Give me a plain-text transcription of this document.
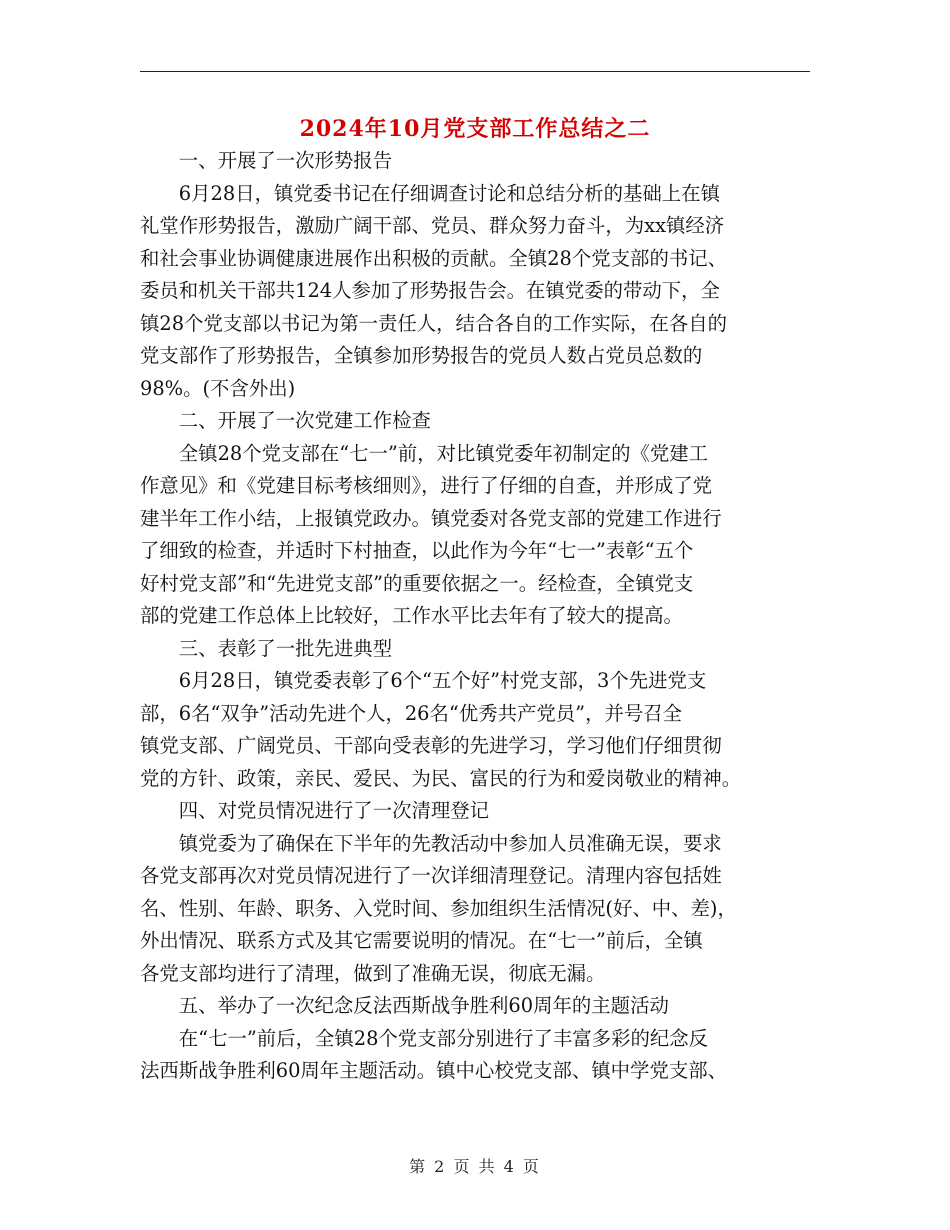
2024年10月党支部工作总结之二
一、开展了一次形势报告
6月28日，镇党委书记在仔细调查讨论和总结分析的基础上在镇
礼堂作形势报告，激励广阔干部、党员、群众努力奋斗，为xx镇经济
和社会事业协调健康进展作出积极的贡献。全镇28个党支部的书记、
委员和机关干部共124人参加了形势报告会。在镇党委的带动下，全
镇28个党支部以书记为第一责任人，结合各自的工作实际，在各自的
党支部作了形势报告，全镇参加形势报告的党员人数占党员总数的
98%。(不含外出)
二、开展了一次党建工作检查
全镇28个党支部在“七一”前，对比镇党委年初制定的《党建工
作意见》和《党建目标考核细则》，进行了仔细的自查，并形成了党
建半年工作小结，上报镇党政办。镇党委对各党支部的党建工作进行
了细致的检查，并适时下村抽查，以此作为今年“七一”表彰“五个
好村党支部”和“先进党支部”的重要依据之一。经检查，全镇党支
部的党建工作总体上比较好，工作水平比去年有了较大的提高。
三、表彰了一批先进典型
6月28日，镇党委表彰了6个“五个好”村党支部，3个先进党支
部，6名“双争”活动先进个人，26名“优秀共产党员”，并号召全
镇党支部、广阔党员、干部向受表彰的先进学习，学习他们仔细贯彻
党的方针、政策，亲民、爱民、为民、富民的行为和爱岗敬业的精神。
四、对党员情况进行了一次清理登记
镇党委为了确保在下半年的先教活动中参加人员准确无误，要求
各党支部再次对党员情况进行了一次详细清理登记。清理内容包括姓
名、性别、年龄、职务、入党时间、参加组织生活情况(好、中、差)，
外出情况、联系方式及其它需要说明的情况。在“七一”前后，全镇
各党支部均进行了清理，做到了准确无误，彻底无漏。
五、举办了一次纪念反法西斯战争胜利60周年的主题活动
在“七一”前后，全镇28个党支部分别进行了丰富多彩的纪念反
法西斯战争胜利60周年主题活动。镇中心校党支部、镇中学党支部、
第 2 页 共 4 页
